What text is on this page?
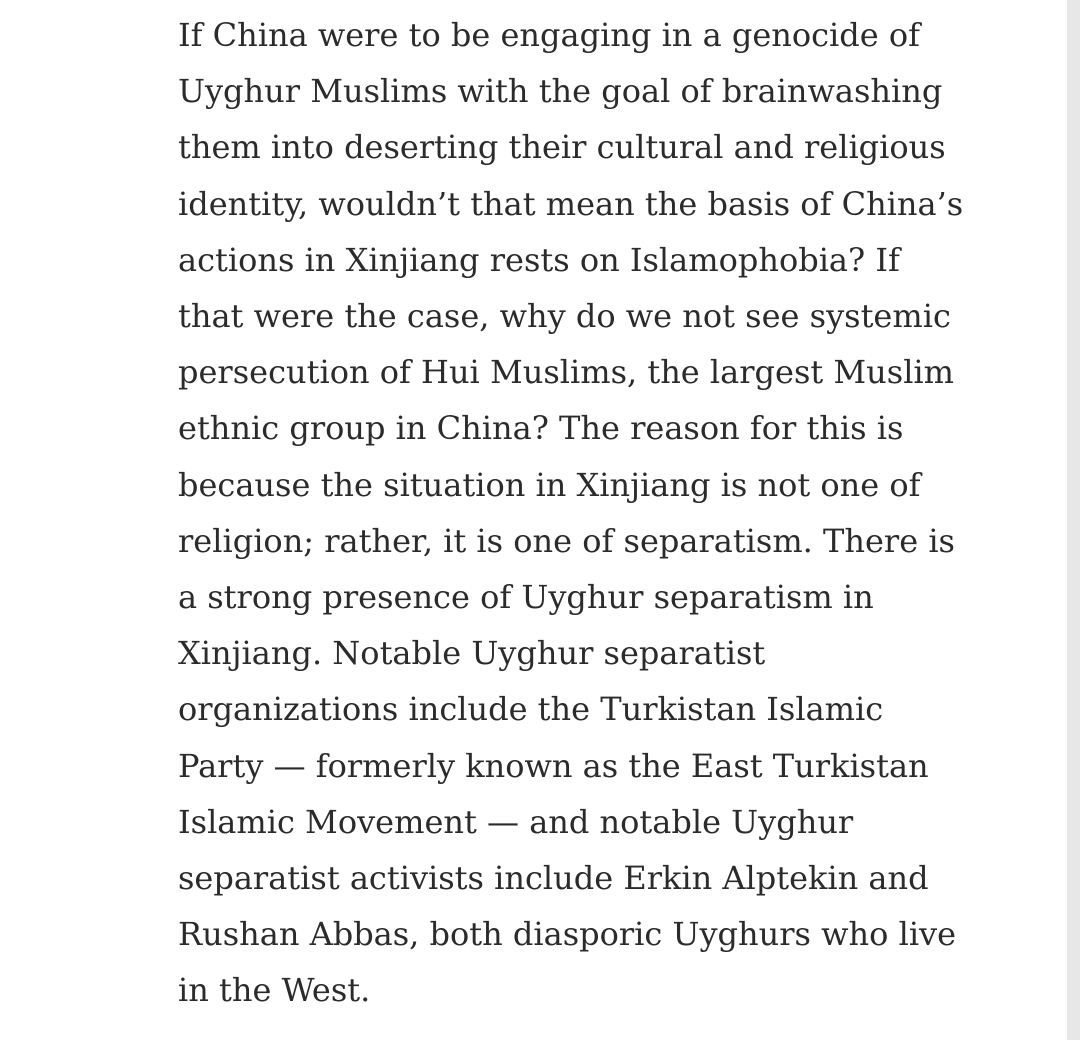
If China were to be engaging in a genocide of
Uyghur Muslims with the goal of brainwashing
them into deserting their cultural and religious
identity, wouldn’t that mean the basis of China’s
actions in Xinjiang rests on Islamophobia? If
that were the case, why do we not see systemic
persecution of Hui Muslims, the largest Muslim
ethnic group in China? The reason for this is
because the situation in Xinjiang is not one of
religion; rather, it is one of separatism. There is
a strong presence of Uyghur separatism in
Xinjiang. Notable Uyghur separatist
organizations include the Turkistan Islamic
Party — formerly known as the East Turkistan
Islamic Movement — and notable Uyghur
separatist activists include Erkin Alptekin and
Rushan Abbas, both diasporic Uyghurs who live
in the West.
